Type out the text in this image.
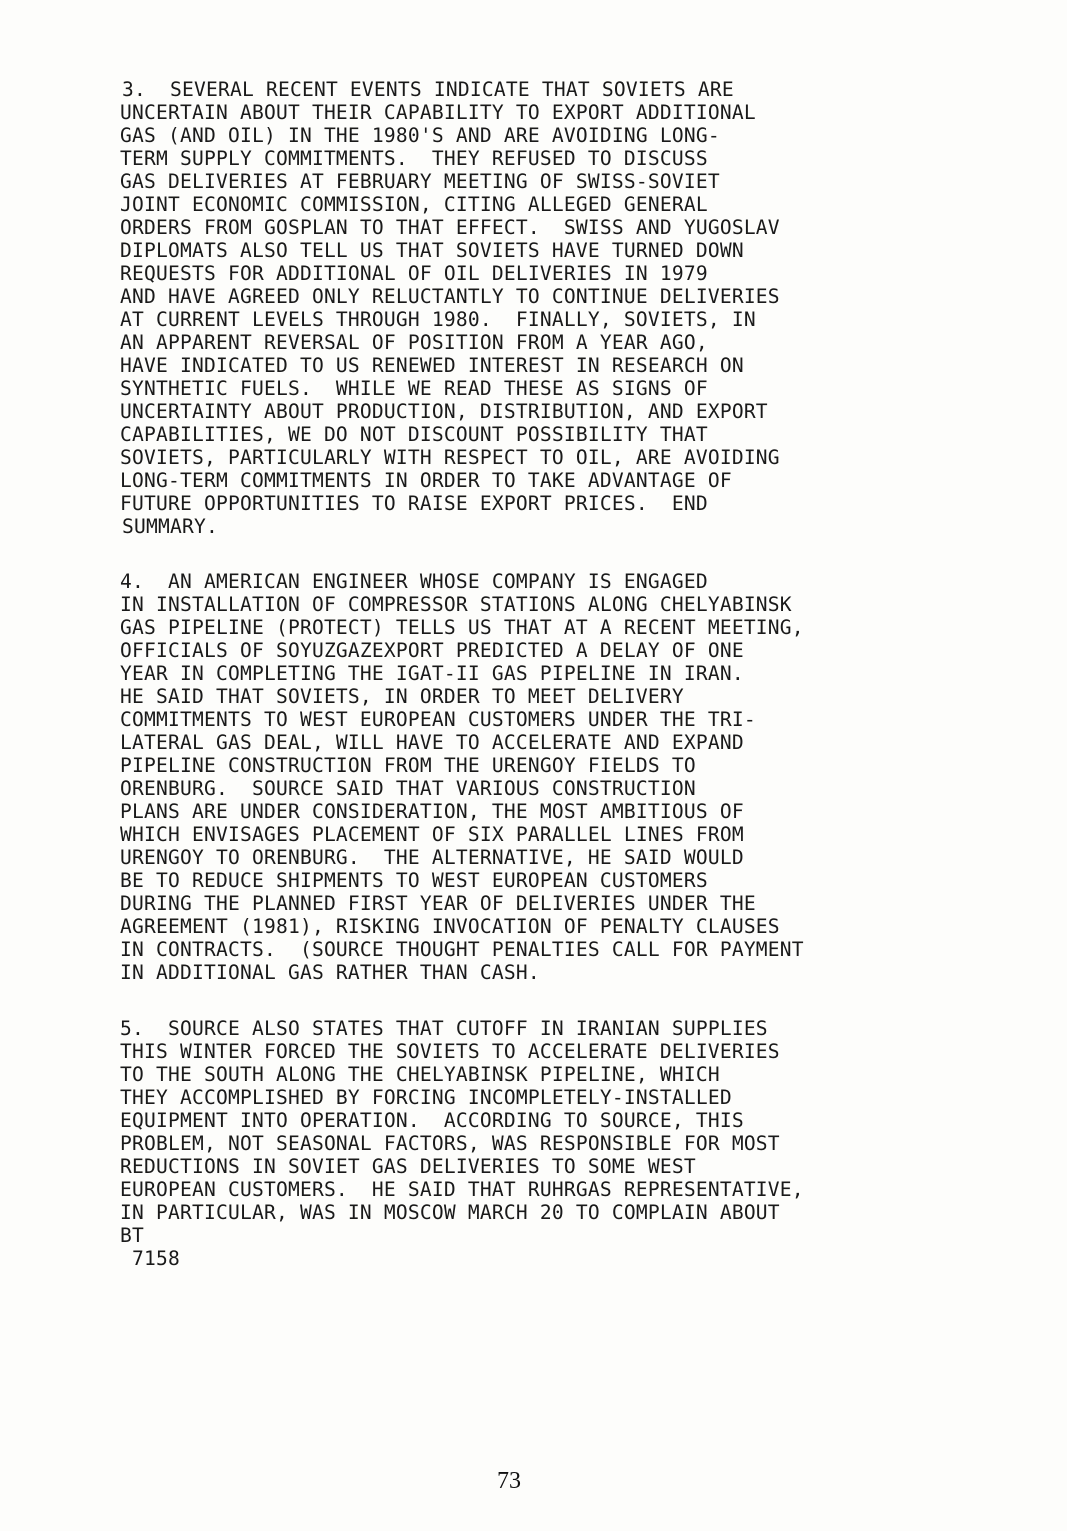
3.  SEVERAL RECENT EVENTS INDICATE THAT SOVIETS ARE
UNCERTAIN ABOUT THEIR CAPABILITY TO EXPORT ADDITIONAL
GAS (AND OIL) IN THE 1980'S AND ARE AVOIDING LONG-
TERM SUPPLY COMMITMENTS.  THEY REFUSED TO DISCUSS
GAS DELIVERIES AT FEBRUARY MEETING OF SWISS-SOVIET
JOINT ECONOMIC COMMISSION, CITING ALLEGED GENERAL
ORDERS FROM GOSPLAN TO THAT EFFECT.  SWISS AND YUGOSLAV
DIPLOMATS ALSO TELL US THAT SOVIETS HAVE TURNED DOWN
REQUESTS FOR ADDITIONAL OF OIL DELIVERIES IN 1979
AND HAVE AGREED ONLY RELUCTANTLY TO CONTINUE DELIVERIES
AT CURRENT LEVELS THROUGH 1980.  FINALLY, SOVIETS, IN
AN APPARENT REVERSAL OF POSITION FROM A YEAR AGO,
HAVE INDICATED TO US RENEWED INTEREST IN RESEARCH ON
SYNTHETIC FUELS.  WHILE WE READ THESE AS SIGNS OF
UNCERTAINTY ABOUT PRODUCTION, DISTRIBUTION, AND EXPORT
CAPABILITIES, WE DO NOT DISCOUNT POSSIBILITY THAT
SOVIETS, PARTICULARLY WITH RESPECT TO OIL, ARE AVOIDING
LONG-TERM COMMITMENTS IN ORDER TO TAKE ADVANTAGE OF
FUTURE OPPORTUNITIES TO RAISE EXPORT PRICES.  END
SUMMARY.
4.  AN AMERICAN ENGINEER WHOSE COMPANY IS ENGAGED
IN INSTALLATION OF COMPRESSOR STATIONS ALONG CHELYABINSK
GAS PIPELINE (PROTECT) TELLS US THAT AT A RECENT MEETING,
OFFICIALS OF SOYUZGAZEXPORT PREDICTED A DELAY OF ONE
YEAR IN COMPLETING THE IGAT-II GAS PIPELINE IN IRAN.
HE SAID THAT SOVIETS, IN ORDER TO MEET DELIVERY
COMMITMENTS TO WEST EUROPEAN CUSTOMERS UNDER THE TRI-
LATERAL GAS DEAL, WILL HAVE TO ACCELERATE AND EXPAND
PIPELINE CONSTRUCTION FROM THE URENGOY FIELDS TO
ORENBURG.  SOURCE SAID THAT VARIOUS CONSTRUCTION
PLANS ARE UNDER CONSIDERATION, THE MOST AMBITIOUS OF
WHICH ENVISAGES PLACEMENT OF SIX PARALLEL LINES FROM
URENGOY TO ORENBURG.  THE ALTERNATIVE, HE SAID WOULD
BE TO REDUCE SHIPMENTS TO WEST EUROPEAN CUSTOMERS
DURING THE PLANNED FIRST YEAR OF DELIVERIES UNDER THE
AGREEMENT (1981), RISKING INVOCATION OF PENALTY CLAUSES
IN CONTRACTS.  (SOURCE THOUGHT PENALTIES CALL FOR PAYMENT
IN ADDITIONAL GAS RATHER THAN CASH.
5.  SOURCE ALSO STATES THAT CUTOFF IN IRANIAN SUPPLIES
THIS WINTER FORCED THE SOVIETS TO ACCELERATE DELIVERIES
TO THE SOUTH ALONG THE CHELYABINSK PIPELINE, WHICH
THEY ACCOMPLISHED BY FORCING INCOMPLETELY-INSTALLED
EQUIPMENT INTO OPERATION.  ACCORDING TO SOURCE, THIS
PROBLEM, NOT SEASONAL FACTORS, WAS RESPONSIBLE FOR MOST
REDUCTIONS IN SOVIET GAS DELIVERIES TO SOME WEST
EUROPEAN CUSTOMERS.  HE SAID THAT RUHRGAS REPRESENTATIVE,
IN PARTICULAR, WAS IN MOSCOW MARCH 20 TO COMPLAIN ABOUT
BT
7158
73
